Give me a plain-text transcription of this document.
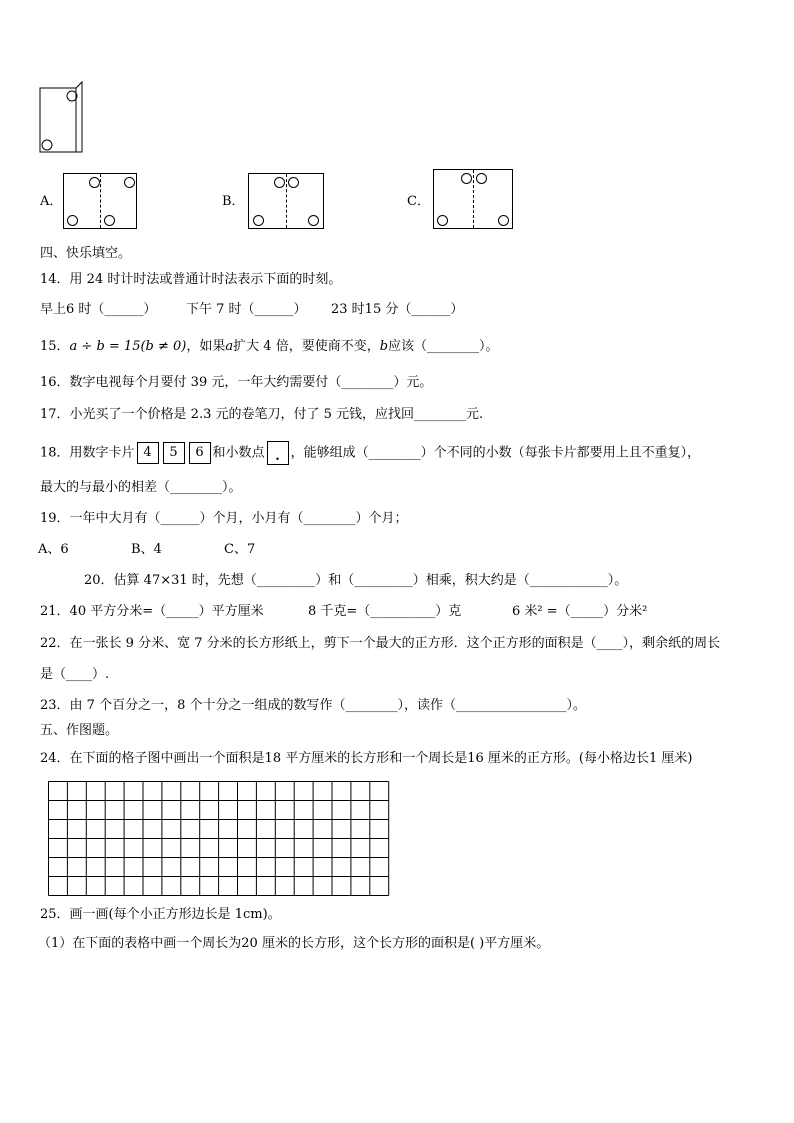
A．	B．	C．
四、快乐填空。
14．用 24 时计时法或普通计时法表示下面的时刻。
早上6 时（______） 下午 7 时（______） 23 时15 分（______）
15．a ÷ b = 15(b ≠ 0)，如果a扩大 4 倍，要使商不变，b应该（________）。
16．数字电视每个月要付 39 元，一年大约需要付（________）元。
17．小光买了一个价格是 2.3 元的卷笔刀，付了 5 元钱，应找回________元.
18．用数字卡片 4 5 6 和小数点 . ，能够组成（________）个不同的小数（每张卡片都要用上且不重复），
最大的与最小的相差（________）。
19．一年中大月有（______）个月，小月有（________）个月；
A、6	B、4	C、7
20．估算 47×31 时，先想（_________）和（_________）相乘，积大约是（____________）。
21．40 平方分米=（_____）平方厘米	8 千克=（__________）克	6 米² =（_____）分米²
22．在一张长 9 分米、宽 7 分米的长方形纸上，剪下一个最大的正方形．这个正方形的面积是（____），剩余纸的周长
是（____）.
23．由 7 个百分之一，8 个十分之一组成的数写作（________），读作（_________________）。
五、作图题。
24．在下面的格子图中画出一个面积是18 平方厘米的长方形和一个周长是16 厘米的正方形。(每小格边长1 厘米)
25．画一画(每个小正方形边长是 1cm)。
（1）在下面的表格中画一个周长为20 厘米的长方形，这个长方形的面积是( )平方厘米。
